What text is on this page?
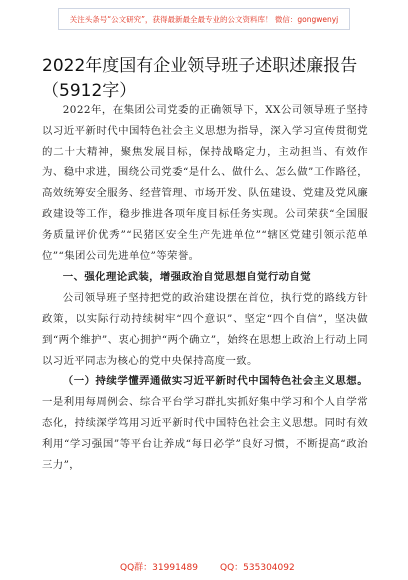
关注头条号“公文研究”，获得最新最全最专业的公文资料库！ 微信：gongwenyj
2022年度国有企业领导班子述职述廉报告（5912字）

2022年，在集团公司党委的正确领导下，XX公司领导班子坚持以习近平新时代中国特色社会主义思想为指导，深入学习宣传贯彻党的二十大精神，聚焦发展目标，保持战略定力，主动担当、有效作为、稳中求进，围绕公司党委“是什么、做什么、怎么做”工作路径，高效统筹安全服务、经营管理、市场开发、队伍建设、党建及党风廉政建设等工作，稳步推进各项年度目标任务实现。公司荣获“全国服务质量评价优秀”“民猪区安全生产先进单位”“辖区党建引领示范单位”“集团公司先进单位”等荣誉。

一、强化理论武装，增强政治自觉思想自觉行动自觉

公司领导班子坚持把党的政治建设摆在首位，执行党的路线方针政策，以实际行动持续树牢“四个意识”、坚定“四个自信”，坚决做到“两个维护”、衷心拥护“两个确立”，始终在思想上政治上行动上同以习近平同志为核心的党中央保持高度一致。

（一）持续学懂弄通做实习近平新时代中国特色社会主义思想。一是利用每周例会、综合平台学习群扎实抓好集中学习和个人自学常态化，持续深学笃用习近平新时代中国特色社会主义思想。同时有效利用“学习强国”等平台让养成“每日必学”良好习惯，不断提高“政治三力”，

QQ群：31991489 QQ：535304092
